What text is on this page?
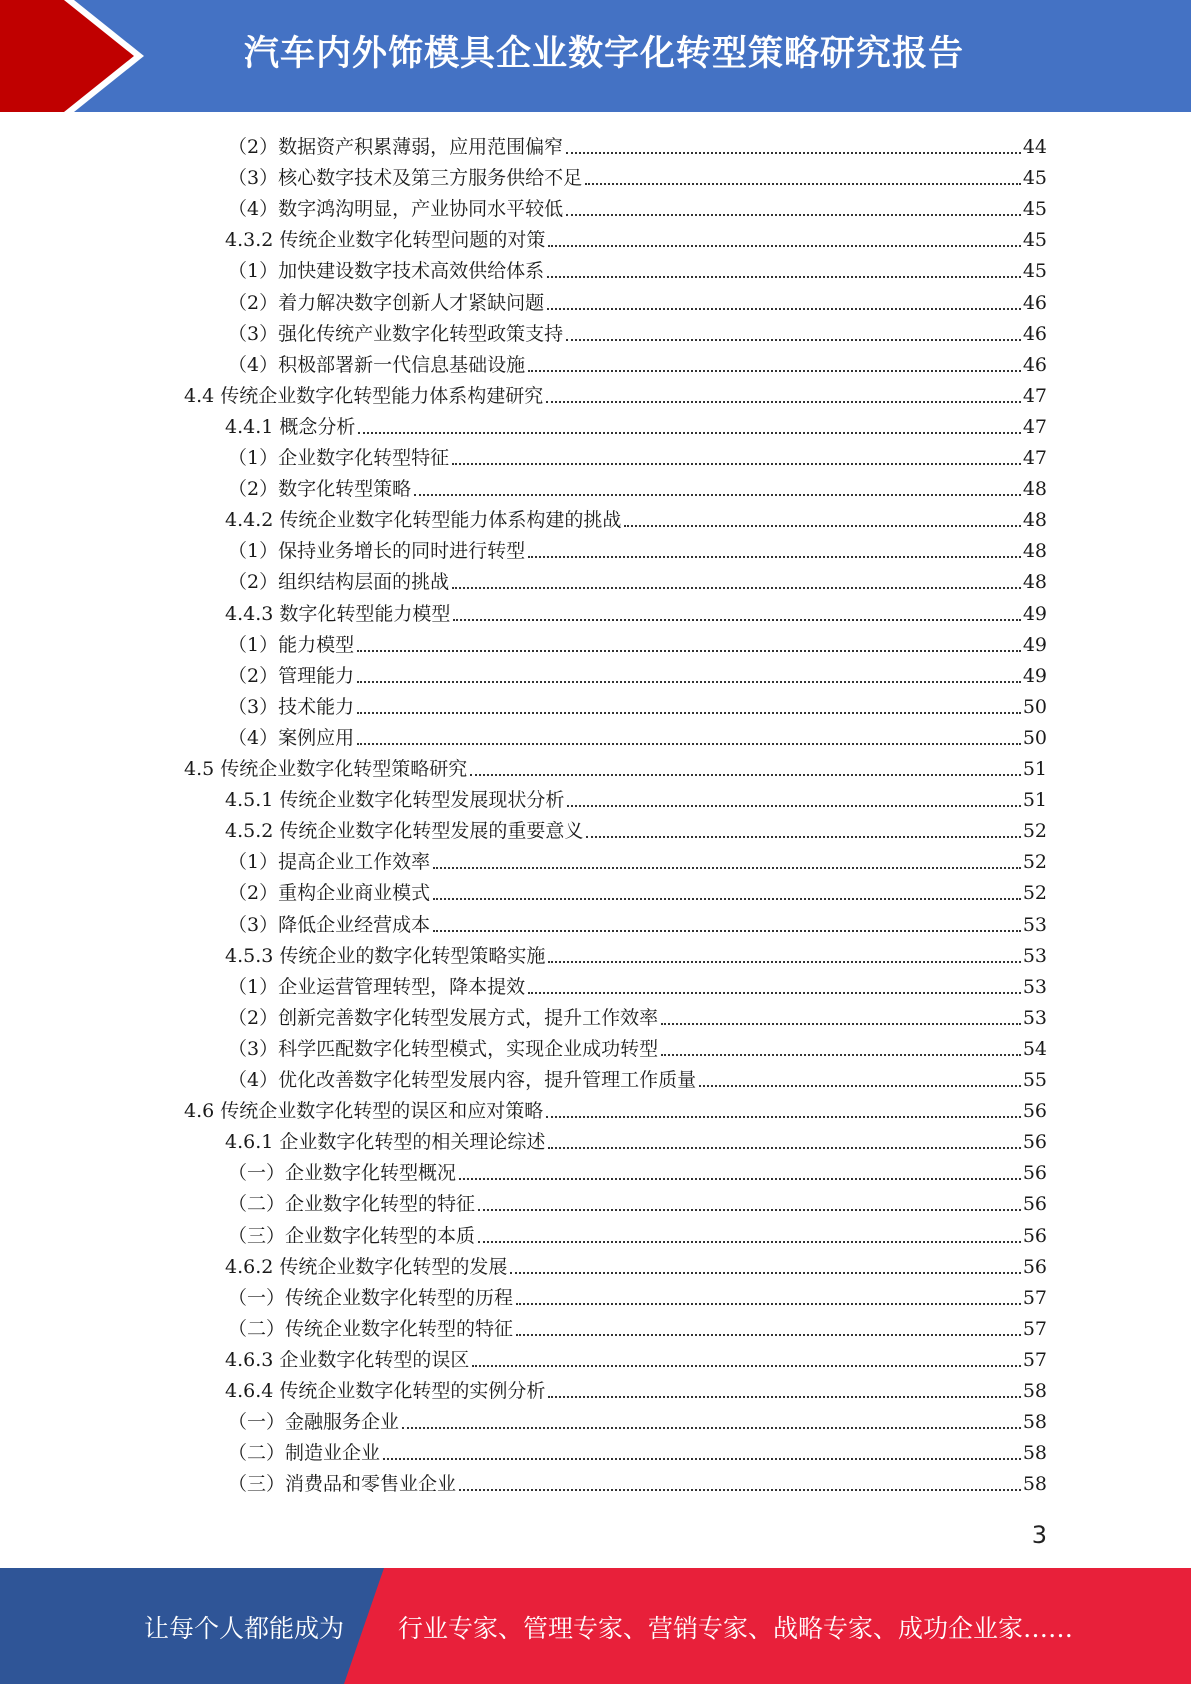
汽车内外饰模具企业数字化转型策略研究报告
（2）数据资产积累薄弱，应用范围偏窄	44
（3）核心数字技术及第三方服务供给不足	45
（4）数字鸿沟明显，产业协同水平较低	45
4.3.2 传统企业数字化转型问题的对策	45
（1）加快建设数字技术高效供给体系	45
（2）着力解决数字创新人才紧缺问题	46
（3）强化传统产业数字化转型政策支持	46
（4）积极部署新一代信息基础设施	46
4.4 传统企业数字化转型能力体系构建研究	47
4.4.1 概念分析	47
（1）企业数字化转型特征	47
（2）数字化转型策略	48
4.4.2 传统企业数字化转型能力体系构建的挑战	48
（1）保持业务增长的同时进行转型	48
（2）组织结构层面的挑战	48
4.4.3 数字化转型能力模型	49
（1）能力模型	49
（2）管理能力	49
（3）技术能力	50
（4）案例应用	50
4.5 传统企业数字化转型策略研究	51
4.5.1 传统企业数字化转型发展现状分析	51
4.5.2 传统企业数字化转型发展的重要意义	52
（1）提高企业工作效率	52
（2）重构企业商业模式	52
（3）降低企业经营成本	53
4.5.3 传统企业的数字化转型策略实施	53
（1）企业运营管理转型，降本提效	53
（2）创新完善数字化转型发展方式，提升工作效率	53
（3）科学匹配数字化转型模式，实现企业成功转型	54
（4）优化改善数字化转型发展内容，提升管理工作质量	55
4.6 传统企业数字化转型的误区和应对策略	56
4.6.1 企业数字化转型的相关理论综述	56
（一）企业数字化转型概况	56
（二）企业数字化转型的特征	56
（三）企业数字化转型的本质	56
4.6.2 传统企业数字化转型的发展	56
（一）传统企业数字化转型的历程	57
（二）传统企业数字化转型的特征	57
4.6.3 企业数字化转型的误区	57
4.6.4 传统企业数字化转型的实例分析	58
（一）金融服务企业	58
（二）制造业企业	58
（三）消费品和零售业企业	58
3
让每个人都能成为 行业专家、管理专家、营销专家、战略专家、成功企业家……
